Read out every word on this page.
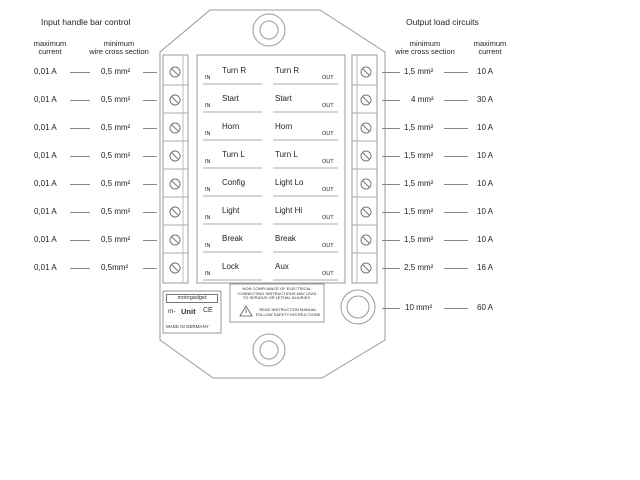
Input handle bar control	Output load circuits
maximum
current
minimum
wire cross section
minimum
wire cross section
maximum
current
0,01 A	0,5 mm²
IN
Turn R	Turn R
OUT
1,5 mm²	10 A
0,01 A	0,5 mm²
IN
Start	Start
OUT
4 mm²	30 A
0,01 A	0,5 mm²
IN
Horn	Horn
OUT
1,5 mm²	10 A
0,01 A	0,5 mm²
IN
Turn L	Turn L
OUT
1,5 mm²	10 A
0,01 A	0,5 mm²
IN
Config	Light Lo
OUT
1,5 mm²	10 A
0,01 A	0,5 mm²
IN
Light	Light Hi
OUT
1,5 mm²	10 A
0,01 A	0,5 mm²
IN
Break	Break
OUT
1,5 mm²	10 A
0,01 A	0,5mm²
IN
Lock	Aux
OUT
2,5 mm²	16 A
10 mm²	60 A
motogadget
m- Unit CE
MADE IN GERMANY
NON COMPLIANCE OF ELECTRICAL
CONNECTING INSTRUCTIONS MAY LEAD
TO SERIOUS OR LETHAL INJURIES.
READ INSTRUCTION MANUAL
FOLLOW SAFETY INSTRUCTIONS
